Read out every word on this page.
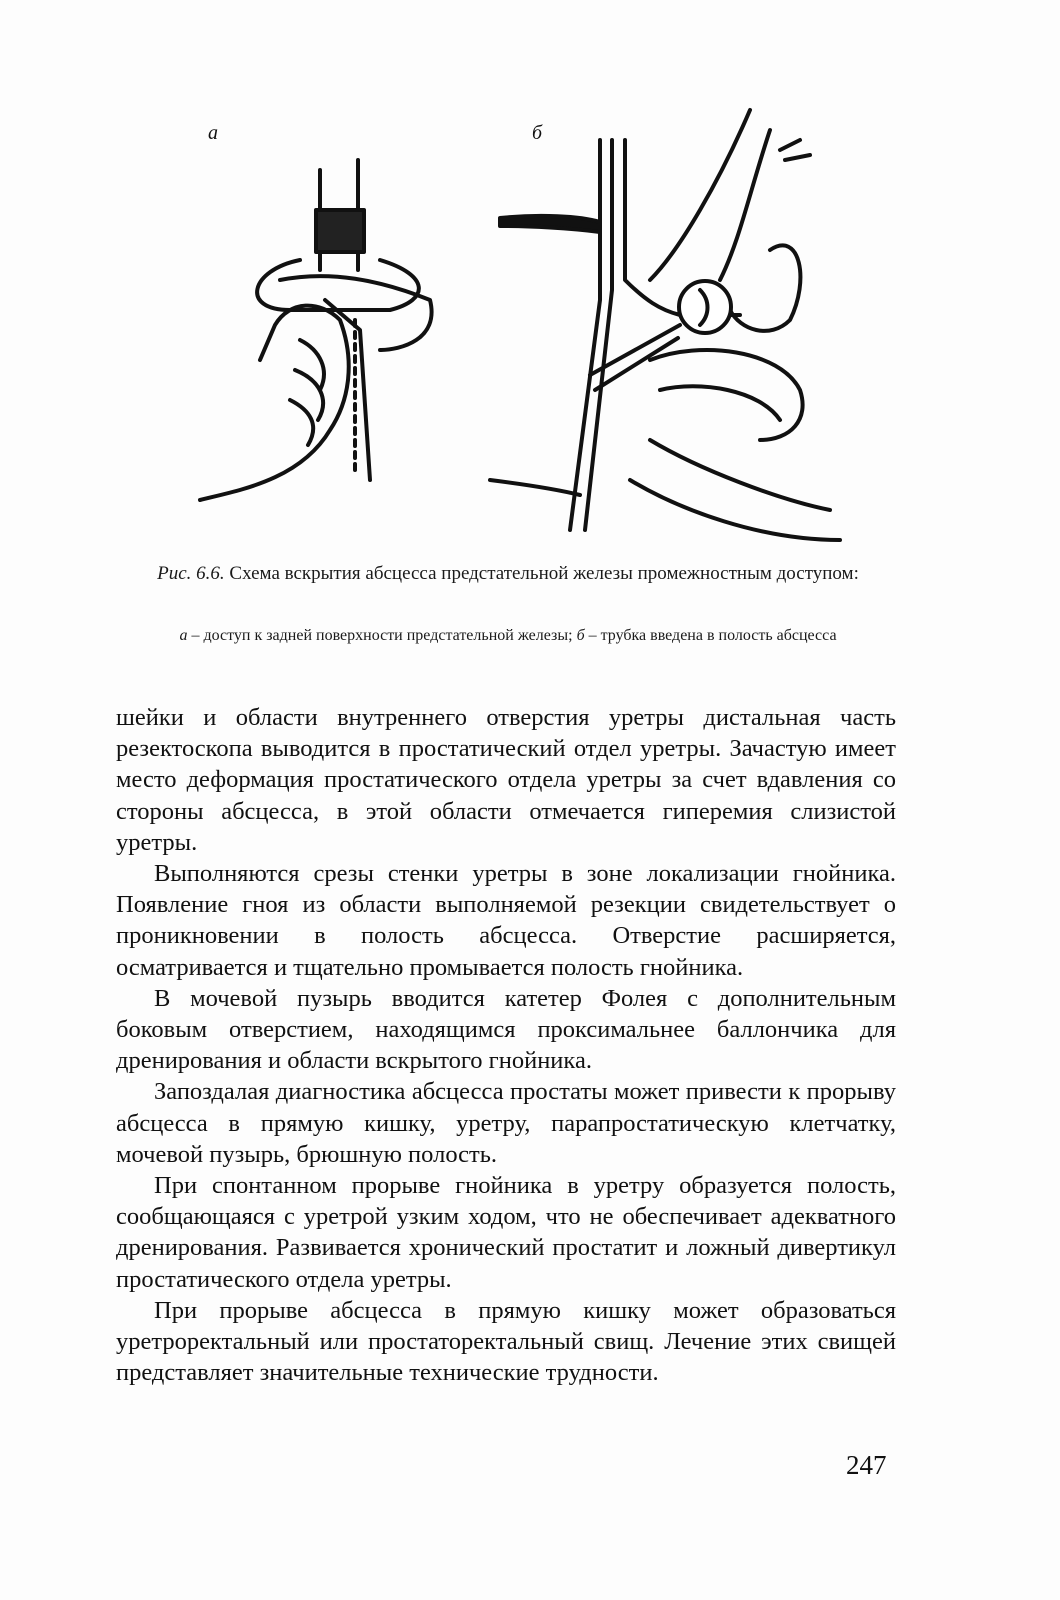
а	б
Рис. 6.6. Схема вскрытия абсцесса предстательной железы промежностным доступом:
а – доступ к задней поверхности предстательной железы; б – трубка введена в полость абсцесса

шейки и области внутреннего отверстия уретры дистальная часть резектоскопа выводится в простатический отдел уретры. Зачастую имеет место деформация простатического отдела уретры за счет вдавления со стороны абсцесса, в этой области отмечается гиперемия слизистой уретры.

Выполняются срезы стенки уретры в зоне локализации гнойника. Появление гноя из области выполняемой резекции свидетельствует о проникновении в полость абсцесса. Отверстие расширяется, осматривается и тщательно промывается полость гнойника.

В мочевой пузырь вводится катетер Фолея с дополнительным боковым отверстием, находящимся проксимальнее баллончика для дренирования и области вскрытого гнойника.

Запоздалая диагностика абсцесса простаты может привести к прорыву абсцесса в прямую кишку, уретру, парапростатическую клетчатку, мочевой пузырь, брюшную полость.

При спонтанном прорыве гнойника в уретру образуется полость, сообщающаяся с уретрой узким ходом, что не обеспечивает адекватного дренирования. Развивается хронический простатит и ложный дивертикул простатического отдела уретры.

При прорыве абсцесса в прямую кишку может образоваться уретроректальный или простаторектальный свищ. Лечение этих свищей представляет значительные технические трудности.

247
